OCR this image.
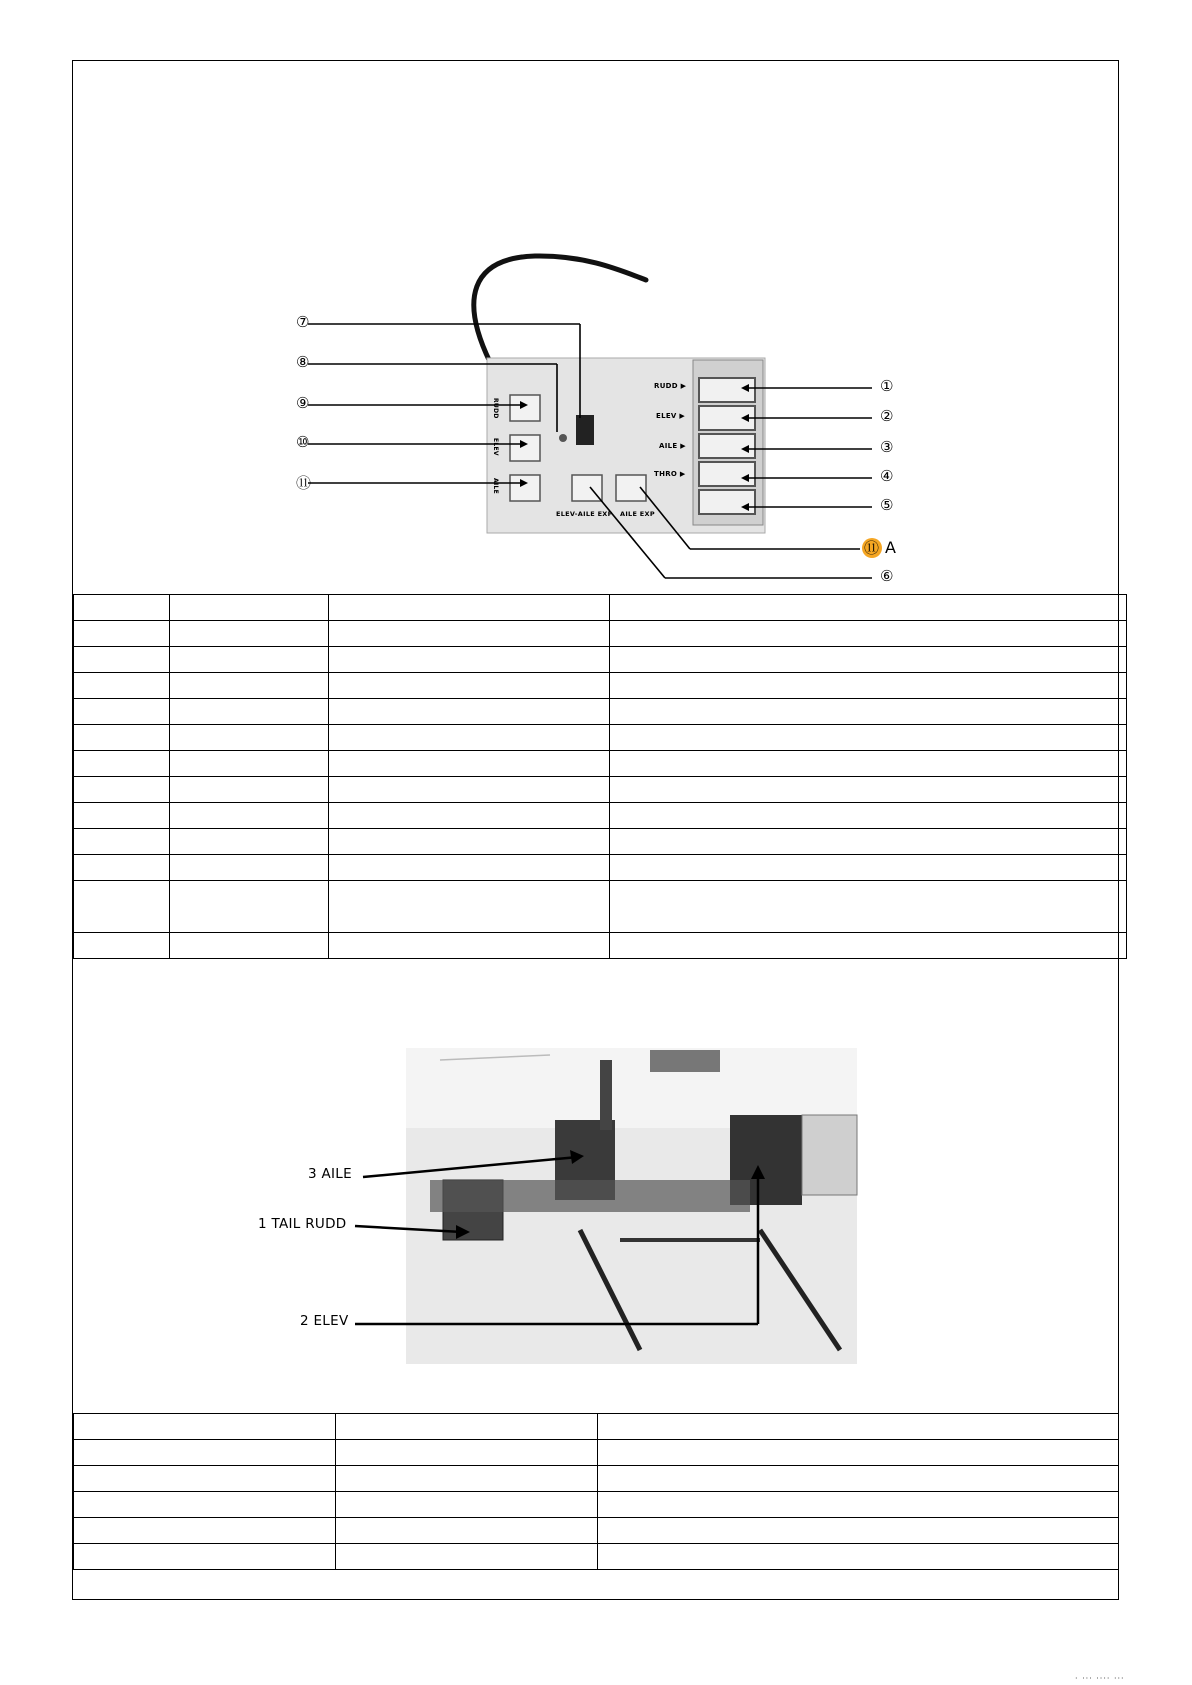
⑦
⑧
⑨
⑩
⑪
①
②
③
④
⑤
⑪ A
⑥
RUDD ▶
ELEV ▶
AILE ▶
THRO ▶
ELEV-AILE EXP AILE EXP
RUDD
ELEV
AILE

3 AILE
1 TAIL RUDD
2 ELEV

· ··· ···· ···
